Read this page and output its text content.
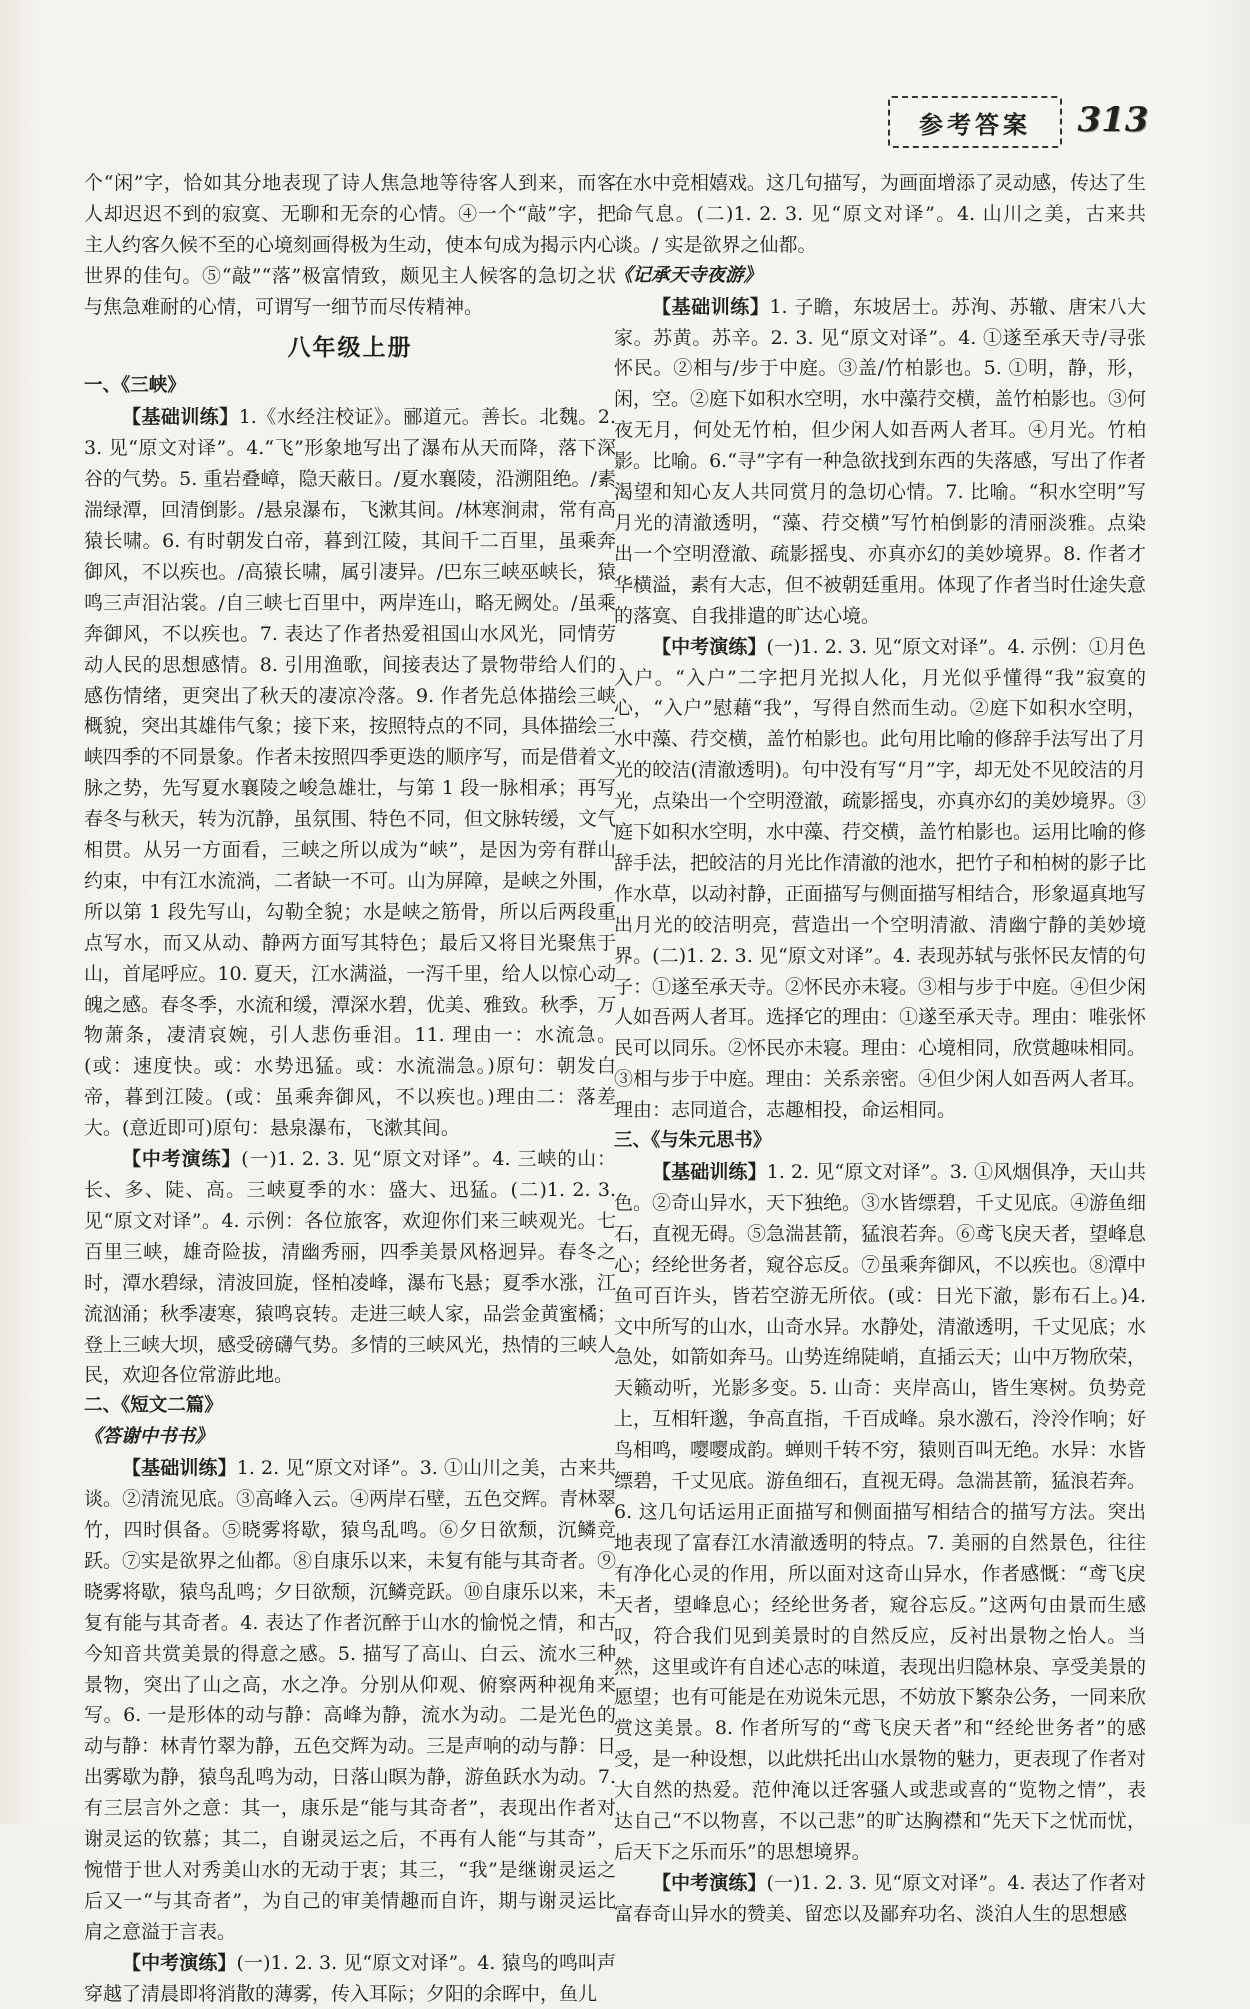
参考答案	313

个“闲”字，恰如其分地表现了诗人焦急地等待客人到来，而客人却迟迟不到的寂寞、无聊和无奈的心情。④一个“敲”字，把主人约客久候不至的心境刻画得极为生动，使本句成为揭示内心世界的佳句。⑤“敲”“落”极富情致，颇见主人候客的急切之状与焦急难耐的心情，可谓写一细节而尽传精神。

八年级上册

一、《三峡》

【基础训练】1.《水经注校证》。郦道元。善长。北魏。2. 3. 见“原文对译”。4.“飞”形象地写出了瀑布从天而降，落下深谷的气势。5. 重岩叠嶂，隐天蔽日。/夏水襄陵，沿溯阻绝。/素湍绿潭，回清倒影。/悬泉瀑布，飞漱其间。/林寒涧肃，常有高猿长啸。6. 有时朝发白帝，暮到江陵，其间千二百里，虽乘奔御风，不以疾也。/高猿长啸，属引凄异。/巴东三峡巫峡长，猿鸣三声泪沾裳。/自三峡七百里中，两岸连山，略无阙处。/虽乘奔御风，不以疾也。7. 表达了作者热爱祖国山水风光，同情劳动人民的思想感情。8. 引用渔歌，间接表达了景物带给人们的感伤情绪，更突出了秋天的凄凉冷落。9. 作者先总体描绘三峡概貌，突出其雄伟气象；接下来，按照特点的不同，具体描绘三峡四季的不同景象。作者未按照四季更迭的顺序写，而是借着文脉之势，先写夏水襄陵之峻急雄壮，与第 1 段一脉相承；再写春冬与秋天，转为沉静，虽氛围、特色不同，但文脉转缓，文气相贯。从另一方面看，三峡之所以成为“峡”，是因为旁有群山约束，中有江水流淌，二者缺一不可。山为屏障，是峡之外围，所以第 1 段先写山，勾勒全貌；水是峡之筋骨，所以后两段重点写水，而又从动、静两方面写其特色；最后又将目光聚焦于山，首尾呼应。10. 夏天，江水满溢，一泻千里，给人以惊心动魄之感。春冬季，水流和缓，潭深水碧，优美、雅致。秋季，万物萧条，凄清哀婉，引人悲伤垂泪。11. 理由一：水流急。(或：速度快。或：水势迅猛。或：水流湍急。)原句：朝发白帝，暮到江陵。(或：虽乘奔御风，不以疾也。)理由二：落差大。(意近即可)原句：悬泉瀑布，飞漱其间。

【中考演练】(一)1. 2. 3. 见“原文对译”。4. 三峡的山：长、多、陡、高。三峡夏季的水：盛大、迅猛。(二)1. 2. 3. 见“原文对译”。4. 示例：各位旅客，欢迎你们来三峡观光。七百里三峡，雄奇险拔，清幽秀丽，四季美景风格迥异。春冬之时，潭水碧绿，清波回旋，怪柏凌峰，瀑布飞悬；夏季水涨，江流汹涌；秋季凄寒，猿鸣哀转。走进三峡人家，品尝金黄蜜橘；登上三峡大坝，感受磅礴气势。多情的三峡风光，热情的三峡人民，欢迎各位常游此地。

二、《短文二篇》

《答谢中书书》

【基础训练】1. 2. 见“原文对译”。3. ①山川之美，古来共谈。②清流见底。③高峰入云。④两岸石壁，五色交辉。青林翠竹，四时俱备。⑤晓雾将歇，猿鸟乱鸣。⑥夕日欲颓，沉鳞竞跃。⑦实是欲界之仙都。⑧自康乐以来，未复有能与其奇者。⑨晓雾将歇，猿鸟乱鸣；夕日欲颓，沉鳞竞跃。⑩自康乐以来，未复有能与其奇者。4. 表达了作者沉醉于山水的愉悦之情，和古今知音共赏美景的得意之感。5. 描写了高山、白云、流水三种景物，突出了山之高，水之净。分别从仰观、俯察两种视角来写。6. 一是形体的动与静：高峰为静，流水为动。二是光色的动与静：林青竹翠为静，五色交辉为动。三是声响的动与静：日出雾歇为静，猿鸟乱鸣为动，日落山暝为静，游鱼跃水为动。7. 有三层言外之意：其一，康乐是“能与其奇者”，表现出作者对谢灵运的钦慕；其二，自谢灵运之后，不再有人能“与其奇”，惋惜于世人对秀美山水的无动于衷；其三，“我”是继谢灵运之后又一“与其奇者”，为自己的审美情趣而自许，期与谢灵运比肩之意溢于言表。

【中考演练】(一)1. 2. 3. 见“原文对译”。4. 猿鸟的鸣叫声穿越了清晨即将消散的薄雾，传入耳际；夕阳的余晖中，鱼儿

在水中竞相嬉戏。这几句描写，为画面增添了灵动感，传达了生命气息。(二)1. 2. 3. 见“原文对译”。4. 山川之美，古来共谈。/ 实是欲界之仙都。

《记承天寺夜游》

【基础训练】1. 子瞻，东坡居士。苏洵、苏辙、唐宋八大家。苏黄。苏辛。2. 3. 见“原文对译”。4. ①遂至承天寺/寻张怀民。②相与/步于中庭。③盖/竹柏影也。5. ①明，静，形，闲，空。②庭下如积水空明，水中藻荇交横，盖竹柏影也。③何夜无月，何处无竹柏，但少闲人如吾两人者耳。④月光。竹柏影。比喻。6.“寻”字有一种急欲找到东西的失落感，写出了作者渴望和知心友人共同赏月的急切心情。7. 比喻。“积水空明”写月光的清澈透明，“藻、荇交横”写竹柏倒影的清丽淡雅。点染出一个空明澄澈、疏影摇曳、亦真亦幻的美妙境界。8. 作者才华横溢，素有大志，但不被朝廷重用。体现了作者当时仕途失意的落寞、自我排遣的旷达心境。

【中考演练】(一)1. 2. 3. 见“原文对译”。4. 示例：①月色入户。“入户”二字把月光拟人化，月光似乎懂得“我”寂寞的心，“入户”慰藉“我”，写得自然而生动。②庭下如积水空明，水中藻、荇交横，盖竹柏影也。此句用比喻的修辞手法写出了月光的皎洁(清澈透明)。句中没有写“月”字，却无处不见皎洁的月光，点染出一个空明澄澈，疏影摇曳，亦真亦幻的美妙境界。③庭下如积水空明，水中藻、荇交横，盖竹柏影也。运用比喻的修辞手法，把皎洁的月光比作清澈的池水，把竹子和柏树的影子比作水草，以动衬静，正面描写与侧面描写相结合，形象逼真地写出月光的皎洁明亮，营造出一个空明清澈、清幽宁静的美妙境界。(二)1. 2. 3. 见“原文对译”。4. 表现苏轼与张怀民友情的句子：①遂至承天寺。②怀民亦未寝。③相与步于中庭。④但少闲人如吾两人者耳。选择它的理由：①遂至承天寺。理由：唯张怀民可以同乐。②怀民亦未寝。理由：心境相同，欣赏趣味相同。③相与步于中庭。理由：关系亲密。④但少闲人如吾两人者耳。理由：志同道合，志趣相投，命运相同。

三、《与朱元思书》

【基础训练】1. 2. 见“原文对译”。3. ①风烟俱净，天山共色。②奇山异水，天下独绝。③水皆缥碧，千丈见底。④游鱼细石，直视无碍。⑤急湍甚箭，猛浪若奔。⑥鸢飞戾天者，望峰息心；经纶世务者，窥谷忘反。⑦虽乘奔御风，不以疾也。⑧潭中鱼可百许头，皆若空游无所依。(或：日光下澈，影布石上。)4. 文中所写的山水，山奇水异。水静处，清澈透明，千丈见底；水急处，如箭如奔马。山势连绵陡峭，直插云天；山中万物欣荣，天籁动听，光影多变。5. 山奇：夹岸高山，皆生寒树。负势竞上，互相轩邈，争高直指，千百成峰。泉水激石，泠泠作响；好鸟相鸣，嘤嘤成韵。蝉则千转不穷，猿则百叫无绝。水异：水皆缥碧，千丈见底。游鱼细石，直视无碍。急湍甚箭，猛浪若奔。6. 这几句话运用正面描写和侧面描写相结合的描写方法。突出地表现了富春江水清澈透明的特点。7. 美丽的自然景色，往往有净化心灵的作用，所以面对这奇山异水，作者感慨：“鸢飞戾天者，望峰息心；经纶世务者，窥谷忘反。”这两句由景而生感叹，符合我们见到美景时的自然反应，反衬出景物之怡人。当然，这里或许有自述心志的味道，表现出归隐林泉、享受美景的愿望；也有可能是在劝说朱元思，不妨放下繁杂公务，一同来欣赏这美景。8. 作者所写的“鸢飞戾天者”和“经纶世务者”的感受，是一种设想，以此烘托出山水景物的魅力，更表现了作者对大自然的热爱。范仲淹以迁客骚人或悲或喜的“览物之情”，表达自己“不以物喜，不以己悲”的旷达胸襟和“先天下之忧而忧，后天下之乐而乐”的思想境界。

【中考演练】(一)1. 2. 3. 见“原文对译”。4. 表达了作者对富春奇山异水的赞美、留恋以及鄙弃功名、淡泊人生的思想感
